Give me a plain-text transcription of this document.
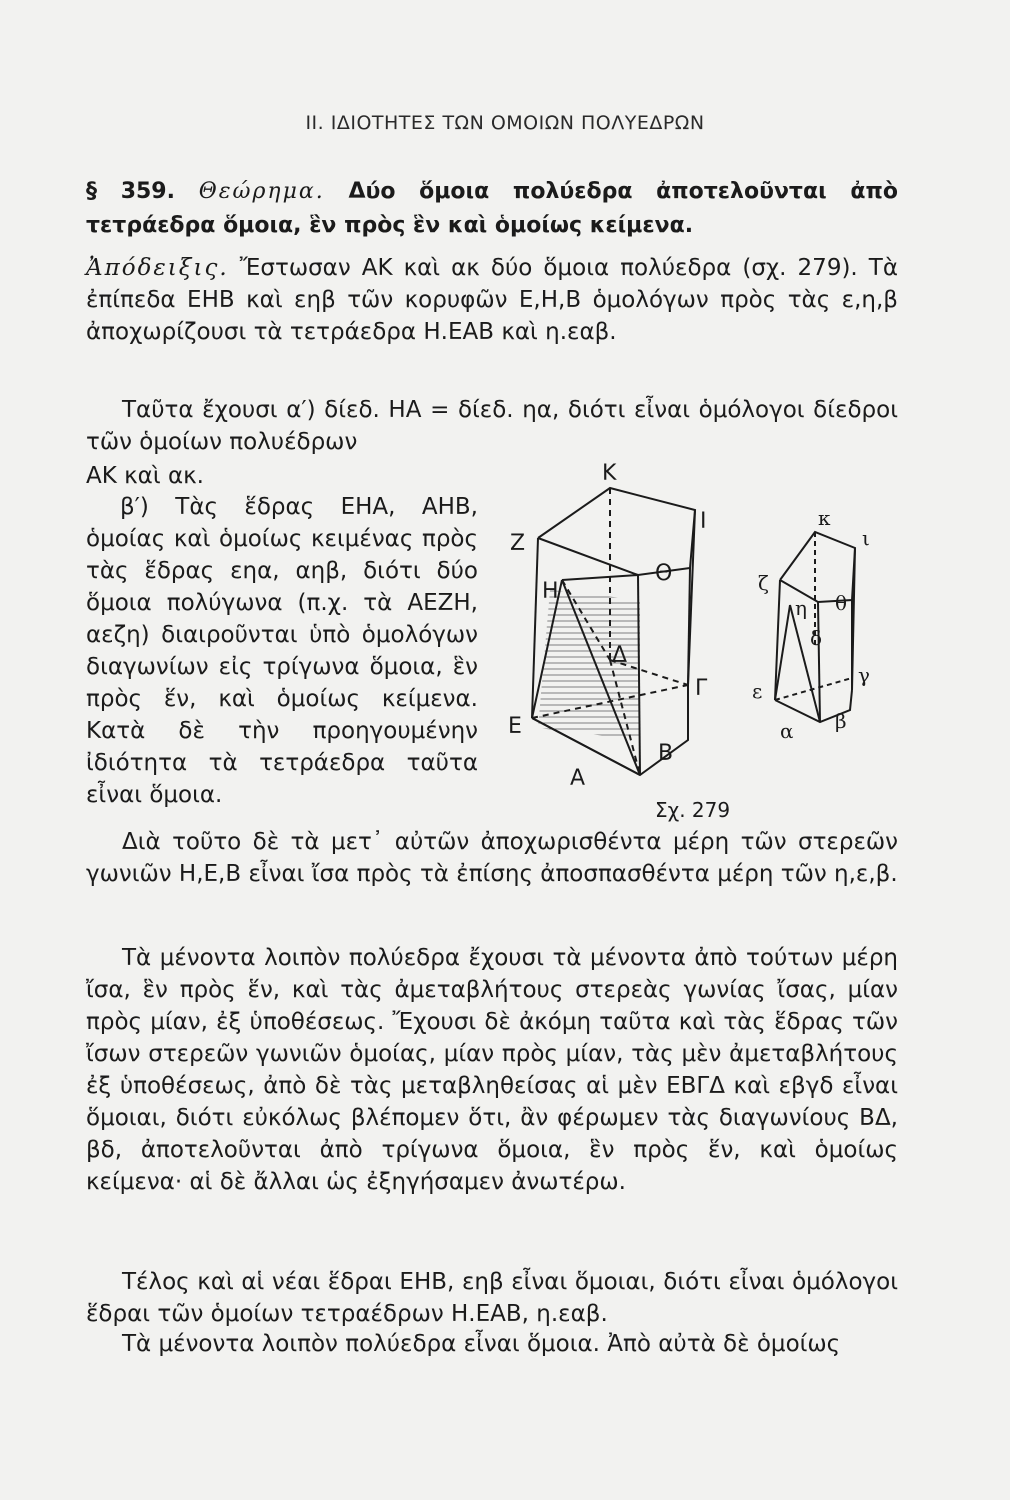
II. ΙΔΙΟΤΗΤΕΣ ΤΩΝ ΟΜΟΙΩΝ ΠΟΛΥΕΔΡΩΝ

§ 359. Θεώρημα. Δύο ὅμοια πολύεδρα ἀποτελοῦνται ἀπὸ τετράεδρα ὅμοια, ἓν πρὸς ἓν καὶ ὁμοίως κείμενα.

Ἀπόδειξις. Ἔστωσαν ΑΚ καὶ ακ δύο ὅμοια πολύεδρα (σχ. 279). Τὰ ἐπίπεδα ΕΗΒ καὶ εηβ τῶν κορυφῶν Ε,Η,Β ὁμολόγων πρὸς τὰς ε,η,β ἀποχωρίζουσι τὰ τετράεδρα Η.ΕΑΒ καὶ η.εαβ.

Ταῦτα ἔχουσι α′) δίεδ. ΗΑ = δίεδ. ηα, διότι εἶναι ὁμόλογοι δίεδροι τῶν ὁμοίων πολυέδρων

ΑΚ καὶ ακ.

β′) Τὰς ἕδρας ΕΗΑ, ΑΗΒ, ὁμοίας καὶ ὁμοίως κειμένας πρὸς τὰς ἕδρας εηα, αηβ, διότι δύο ὅμοια πολύγωνα (π.χ. τὰ ΑΕΖΗ, αεζη) διαιροῦνται ὑπὸ ὁμολόγων διαγωνίων εἰς τρίγωνα ὅμοια, ἓν πρὸς ἕν, καὶ ὁμοίως κείμενα. Κατὰ δὲ τὴν προηγουμένην ἰδιότητα τὰ τετράεδρα ταῦτα εἶναι ὅμοια.

Κ
Ι
Ζ
Θ
Η
Δ
Γ
Ε
Β
Α
κ
ι
ζ
θ
η
δ
γ
ε
β
α
Σχ. 279

Διὰ τοῦτο δὲ τὰ μετ᾿ αὐτῶν ἀποχωρισθέντα μέρη τῶν στερεῶν γωνιῶν Η,Ε,Β εἶναι ἴσα πρὸς τὰ ἐπίσης ἀποσπασθέντα μέρη τῶν η,ε,β.

Τὰ μένοντα λοιπὸν πολύεδρα ἔχουσι τὰ μένοντα ἀπὸ τούτων μέρη ἴσα, ἓν πρὸς ἕν, καὶ τὰς ἀμεταβλήτους στερεὰς γωνίας ἴσας, μίαν πρὸς μίαν, ἐξ ὑποθέσεως. Ἔχουσι δὲ ἀκόμη ταῦτα καὶ τὰς ἕδρας τῶν ἴσων στερεῶν γωνιῶν ὁμοίας, μίαν πρὸς μίαν, τὰς μὲν ἀμεταβλήτους ἐξ ὑποθέσεως, ἀπὸ δὲ τὰς μεταβληθείσας αἱ μὲν ΕΒΓΔ καὶ εβγδ εἶναι ὅμοιαι, διότι εὐκόλως βλέπομεν ὅτι, ἂν φέρωμεν τὰς διαγωνίους ΒΔ, βδ, ἀποτελοῦνται ἀπὸ τρίγωνα ὅμοια, ἓν πρὸς ἕν, καὶ ὁμοίως κείμενα· αἱ δὲ ἄλλαι ὡς ἐξηγήσαμεν ἀνωτέρω.

Τέλος καὶ αἱ νέαι ἕδραι ΕΗΒ, εηβ εἶναι ὅμοιαι, διότι εἶναι ὁμόλογοι ἕδραι τῶν ὁμοίων τετραέδρων Η.ΕΑΒ, η.εαβ.

Τὰ μένοντα λοιπὸν πολύεδρα εἶναι ὅμοια. Ἀπὸ αὐτὰ δὲ ὁμοίως
